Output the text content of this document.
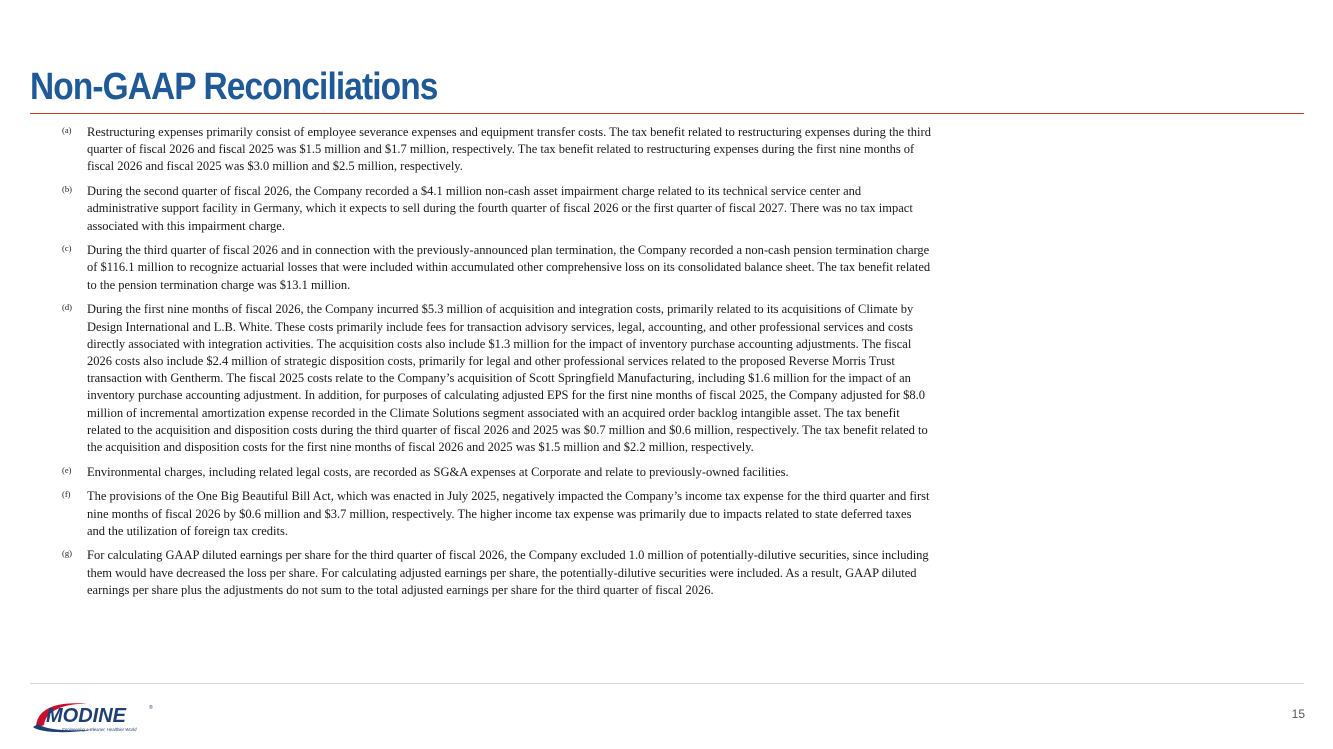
Non-GAAP Reconciliations
(a)	Restructuring expenses primarily consist of employee severance expenses and equipment transfer costs. The tax benefit related to restructuring expenses during the third quarter of fiscal 2026 and fiscal 2025 was $1.5 million and $1.7 million, respectively. The tax benefit related to restructuring expenses during the first nine months of fiscal 2026 and fiscal 2025 was $3.0 million and $2.5 million, respectively.
(b)	During the second quarter of fiscal 2026, the Company recorded a $4.1 million non-cash asset impairment charge related to its technical service center and administrative support facility in Germany, which it expects to sell during the fourth quarter of fiscal 2026 or the first quarter of fiscal 2027. There was no tax impact associated with this impairment charge.
(c)	During the third quarter of fiscal 2026 and in connection with the previously-announced plan termination, the Company recorded a non-cash pension termination charge of $116.1 million to recognize actuarial losses that were included within accumulated other comprehensive loss on its consolidated balance sheet. The tax benefit related to the pension termination charge was $13.1 million.
(d)	During the first nine months of fiscal 2026, the Company incurred $5.3 million of acquisition and integration costs, primarily related to its acquisitions of Climate by Design International and L.B. White. These costs primarily include fees for transaction advisory services, legal, accounting, and other professional services and costs directly associated with integration activities. The acquisition costs also include $1.3 million for the impact of inventory purchase accounting adjustments. The fiscal 2026 costs also include $2.4 million of strategic disposition costs, primarily for legal and other professional services related to the proposed Reverse Morris Trust transaction with Gentherm. The fiscal 2025 costs relate to the Company’s acquisition of Scott Springfield Manufacturing, including $1.6 million for the impact of an inventory purchase accounting adjustment. In addition, for purposes of calculating adjusted EPS for the first nine months of fiscal 2025, the Company adjusted for $8.0 million of incremental amortization expense recorded in the Climate Solutions segment associated with an acquired order backlog intangible asset. The tax benefit related to the acquisition and disposition costs during the third quarter of fiscal 2026 and 2025 was $0.7 million and $0.6 million, respectively. The tax benefit related to the acquisition and disposition costs for the first nine months of fiscal 2026 and 2025 was $1.5 million and $2.2 million, respectively.
(e)	Environmental charges, including related legal costs, are recorded as SG&A expenses at Corporate and relate to previously-owned facilities.
(f)	The provisions of the One Big Beautiful Bill Act, which was enacted in July 2025, negatively impacted the Company’s income tax expense for the third quarter and first nine months of fiscal 2026 by $0.6 million and $3.7 million, respectively. The higher income tax expense was primarily due to impacts related to state deferred taxes and the utilization of foreign tax credits.
(g)	For calculating GAAP diluted earnings per share for the third quarter of fiscal 2026, the Company excluded 1.0 million of potentially-dilutive securities, since including them would have decreased the loss per share. For calculating adjusted earnings per share, the potentially-dilutive securities were included. As a result, GAAP diluted earnings per share plus the adjustments do not sum to the total adjusted earnings per share for the third quarter of fiscal 2026.
MODINE	®
Engineering a Cleaner, Healthier World
15
